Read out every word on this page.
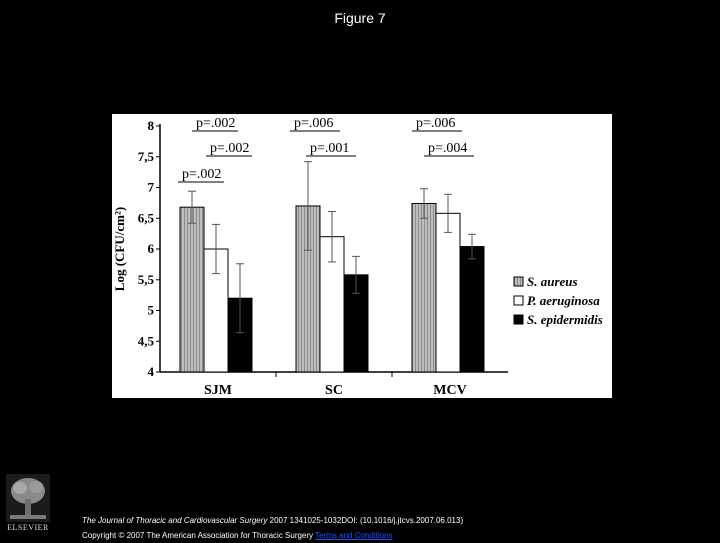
Figure 7
4
4,5
5
5,5
6
6,5
7
7,5
8
Log (CFU/cm²)
SJM	SC	MCV
p=.002
p=.002
p=.002
p=.006
p=.001
p=.006
p=.004
S. aureus
P. aeruginosa
S. epidermidis
ELSEVIER
The Journal of Thoracic and Cardiovascular Surgery 2007 1341025-1032DOI: (10.1016/j.jtcvs.2007.06.013)
Copyright © 2007 The American Association for Thoracic Surgery Terms and Conditions
